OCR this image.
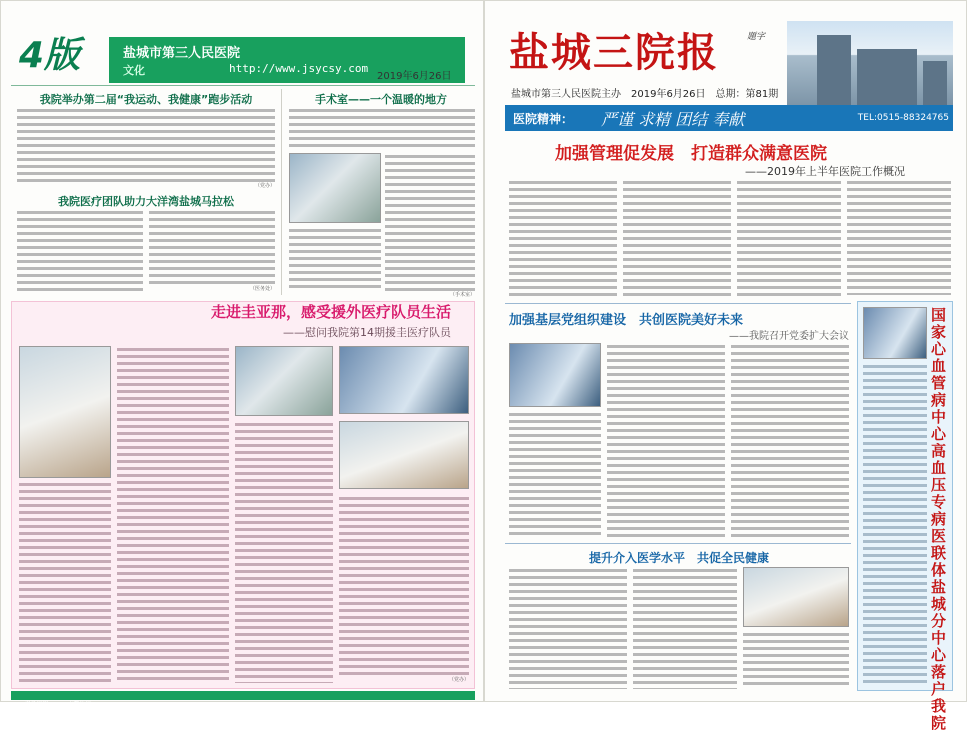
4版	盐城市第三人民医院
文化	http://www.jsycsy.com
2019年6月26日
我院举办第二届“我运动、我健康”跑步活动
（党办）
我院医疗团队助力大洋湾盐城马拉松
（医务处）
手术室——一个温暖的地方
（手术室）
走进圭亚那，感受援外医疗队员生活
——慰问我院第14期援圭医疗队员
（党办）
■责任编辑 ■主要执行
盐城三院报	題字
盐城市第三人民医院主办　2019年6月26日　总期：第81期
医院精神： 严谨 求精 团结 奉献	TEL:0515-88324765
加强管理促发展　打造群众满意医院
——2019年上半年医院工作概况
加强基层党组织建设　共创医院美好未来
——我院召开党委扩大会议
提升介入医学水平　共促全民健康
国家心血管病中心高血压专病医联体盐城分中心落户我院
